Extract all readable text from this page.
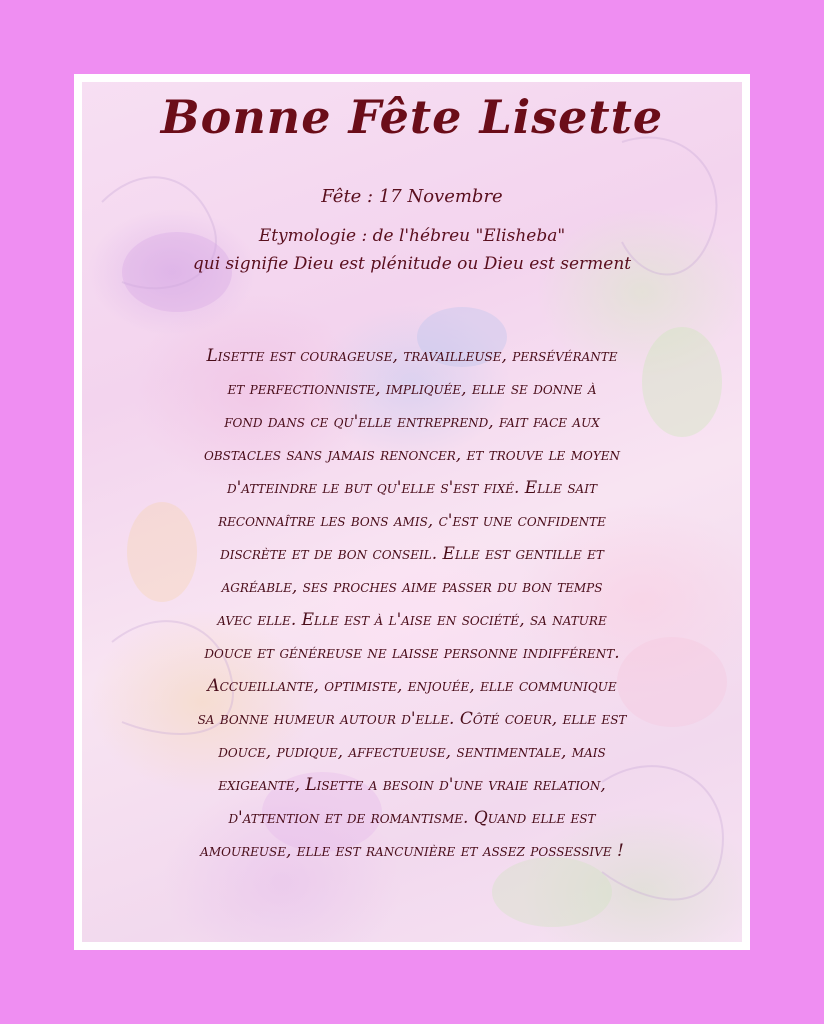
Bonne Fête Lisette
Fête : 17 Novembre
Etymologie : de l'hébreu "Elisheba"
qui signifie Dieu est plénitude ou Dieu est serment
Lisette est courageuse, travailleuse, persévérante
et perfectionniste, impliquée, elle se donne à
fond dans ce qu'elle entreprend, fait face aux
obstacles sans jamais renoncer, et trouve le moyen
d'atteindre le but qu'elle s'est fixé. Elle sait
reconnaître les bons amis, c'est une confidente
discrète et de bon conseil. Elle est gentille et
agréable, ses proches aime passer du bon temps
avec elle. Elle est à l'aise en société, sa nature
douce et généreuse ne laisse personne indifférent.
Accueillante, optimiste, enjouée, elle communique
sa bonne humeur autour d'elle. Côté coeur, elle est
douce, pudique, affectueuse, sentimentale, mais
exigeante, Lisette a besoin d'une vraie relation,
d'attention et de romantisme. Quand elle est
amoureuse, elle est rancunière et assez possessive !
